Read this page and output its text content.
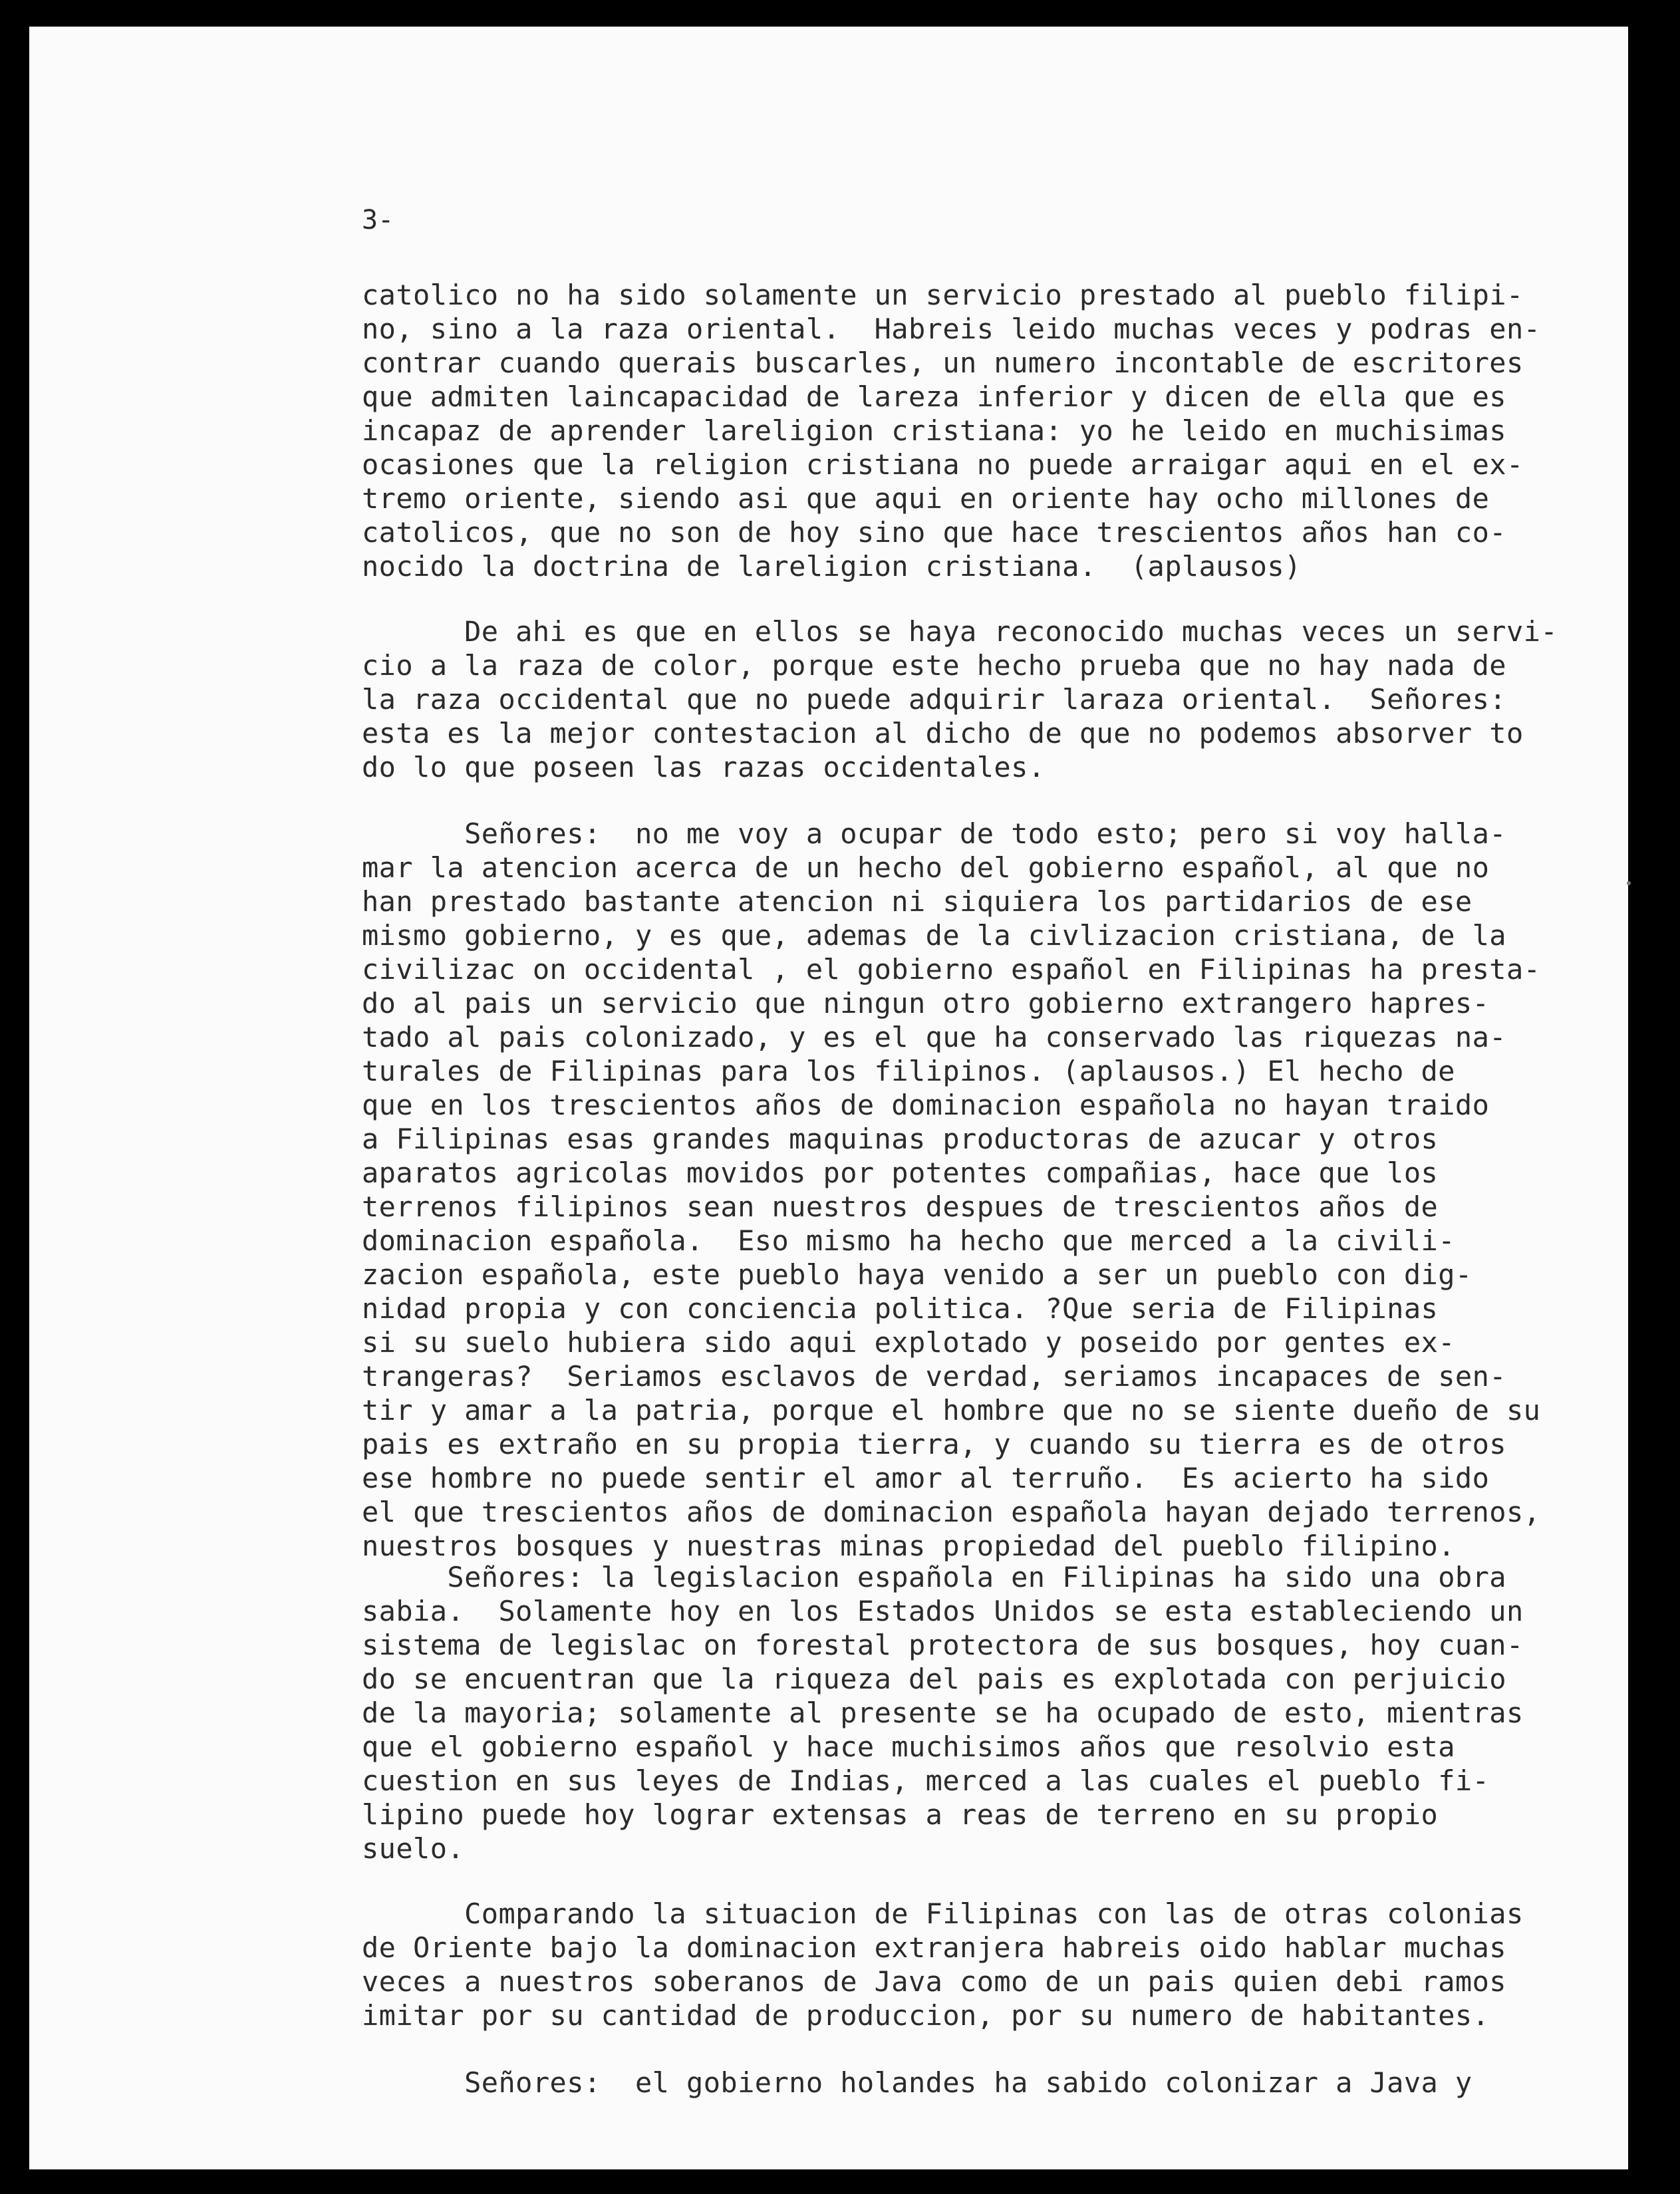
3-
catolico no ha sido solamente un servicio prestado al pueblo filipi-
no, sino a la raza oriental.  Habreis leido muchas veces y podras en-
contrar cuando querais buscarles, un numero incontable de escritores
que admiten laincapacidad de lareza inferior y dicen de ella que es
incapaz de aprender lareligion cristiana: yo he leido en muchisimas
ocasiones que la religion cristiana no puede arraigar aqui en el ex-
tremo oriente, siendo asi que aqui en oriente hay ocho millones de
catolicos, que no son de hoy sino que hace trescientos años han co-
nocido la doctrina de lareligion cristiana.  (aplausos)
De ahi es que en ellos se haya reconocido muchas veces un servi-
cio a la raza de color, porque este hecho prueba que no hay nada de
la raza occidental que no puede adquirir laraza oriental.  Señores:
esta es la mejor contestacion al dicho de que no podemos absorver to
do lo que poseen las razas occidentales.
Señores:  no me voy a ocupar de todo esto; pero si voy halla-
mar la atencion acerca de un hecho del gobierno español, al que no
han prestado bastante atencion ni siquiera los partidarios de ese
mismo gobierno, y es que, ademas de la civlizacion cristiana, de la
civilizac on occidental , el gobierno español en Filipinas ha presta-
do al pais un servicio que ningun otro gobierno extrangero hapres-
tado al pais colonizado, y es el que ha conservado las riquezas na-
turales de Filipinas para los filipinos. (aplausos.) El hecho de
que en los trescientos años de dominacion española no hayan traido
a Filipinas esas grandes maquinas productoras de azucar y otros
aparatos agricolas movidos por potentes compañias, hace que los
terrenos filipinos sean nuestros despues de trescientos años de
dominacion española.  Eso mismo ha hecho que merced a la civili-
zacion española, este pueblo haya venido a ser un pueblo con dig-
nidad propia y con conciencia politica. ?Que seria de Filipinas
si su suelo hubiera sido aqui explotado y poseido por gentes ex-
trangeras?  Seriamos esclavos de verdad, seriamos incapaces de sen-
tir y amar a la patria, porque el hombre que no se siente dueño de su
pais es extraño en su propia tierra, y cuando su tierra es de otros
ese hombre no puede sentir el amor al terruño.  Es acierto ha sido
el que trescientos años de dominacion española hayan dejado terrenos,
nuestros bosques y nuestras minas propiedad del pueblo filipino.
Señores: la legislacion española en Filipinas ha sido una obra
sabia.  Solamente hoy en los Estados Unidos se esta estableciendo un
sistema de legislac on forestal protectora de sus bosques, hoy cuan-
do se encuentran que la riqueza del pais es explotada con perjuicio
de la mayoria; solamente al presente se ha ocupado de esto, mientras
que el gobierno español y hace muchisimos años que resolvio esta
cuestion en sus leyes de Indias, merced a las cuales el pueblo fi-
lipino puede hoy lograr extensas a reas de terreno en su propio
suelo.
Comparando la situacion de Filipinas con las de otras colonias
de Oriente bajo la dominacion extranjera habreis oido hablar muchas
veces a nuestros soberanos de Java como de un pais quien debi ramos
imitar por su cantidad de produccion, por su numero de habitantes.
Señores:  el gobierno holandes ha sabido colonizar a Java y
